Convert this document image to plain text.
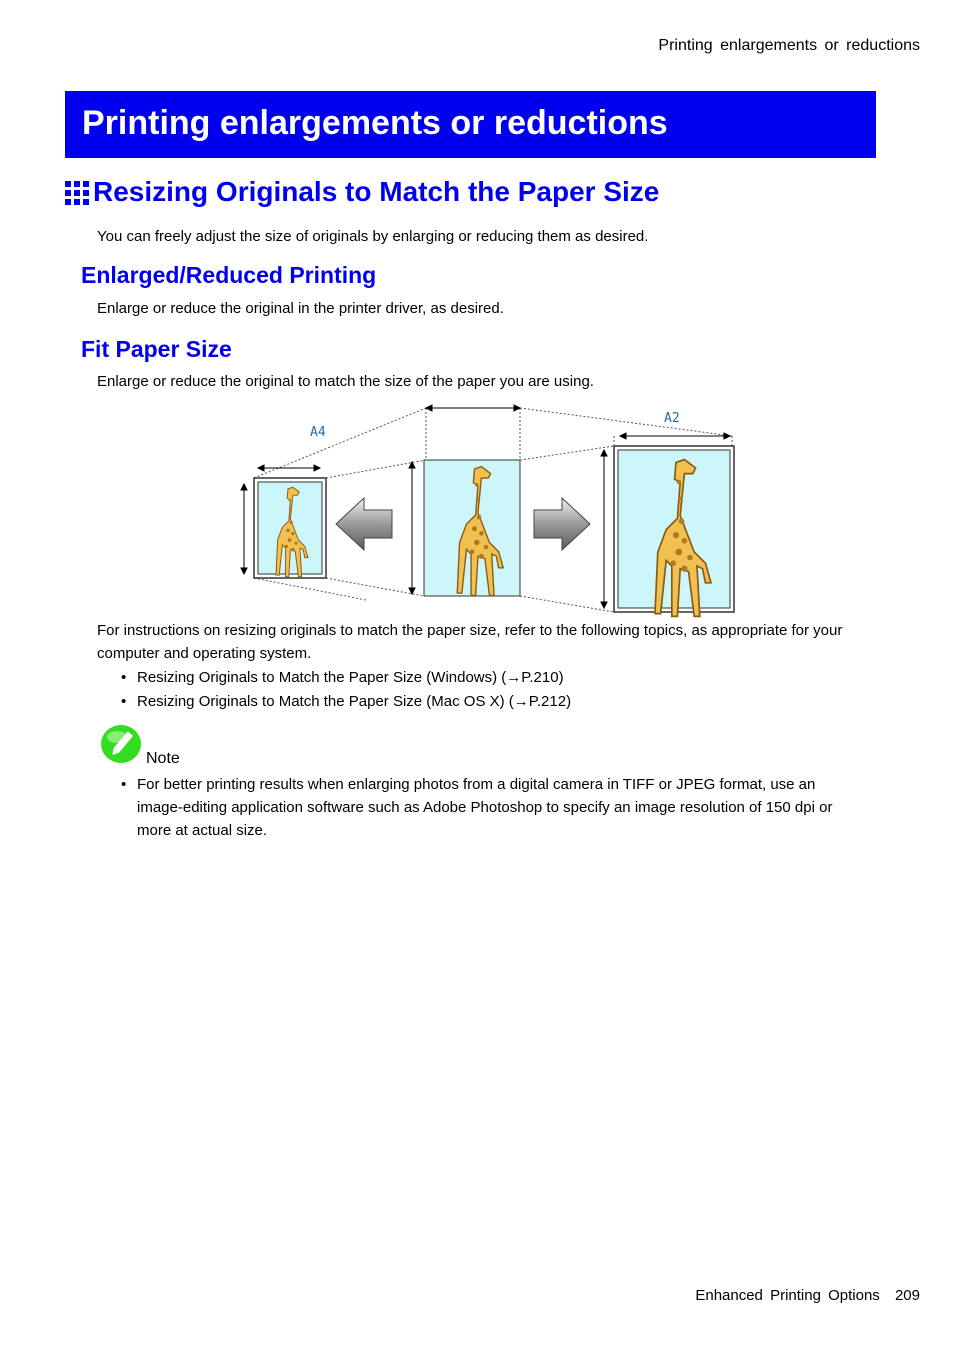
Printing enlargements or reductions
Printing enlargements or reductions
Resizing Originals to Match the Paper Size
You can freely adjust the size of originals by enlarging or reducing them as desired.
Enlarged/Reduced Printing
Enlarge or reduce the original in the printer driver, as desired.
Fit Paper Size
Enlarge or reduce the original to match the size of the paper you are using.
A4
A2
For instructions on resizing originals to match the paper size, refer to the following topics, as appropriate for your computer and operating system.
• Resizing Originals to Match the Paper Size (Windows) (→P.210)
• Resizing Originals to Match the Paper Size (Mac OS X) (→P.212)
Note
• For better printing results when enlarging photos from a digital camera in TIFF or JPEG format, use an image-editing application software such as Adobe Photoshop to specify an image resolution of 150 dpi or more at actual size.
Enhanced Printing Options 209
